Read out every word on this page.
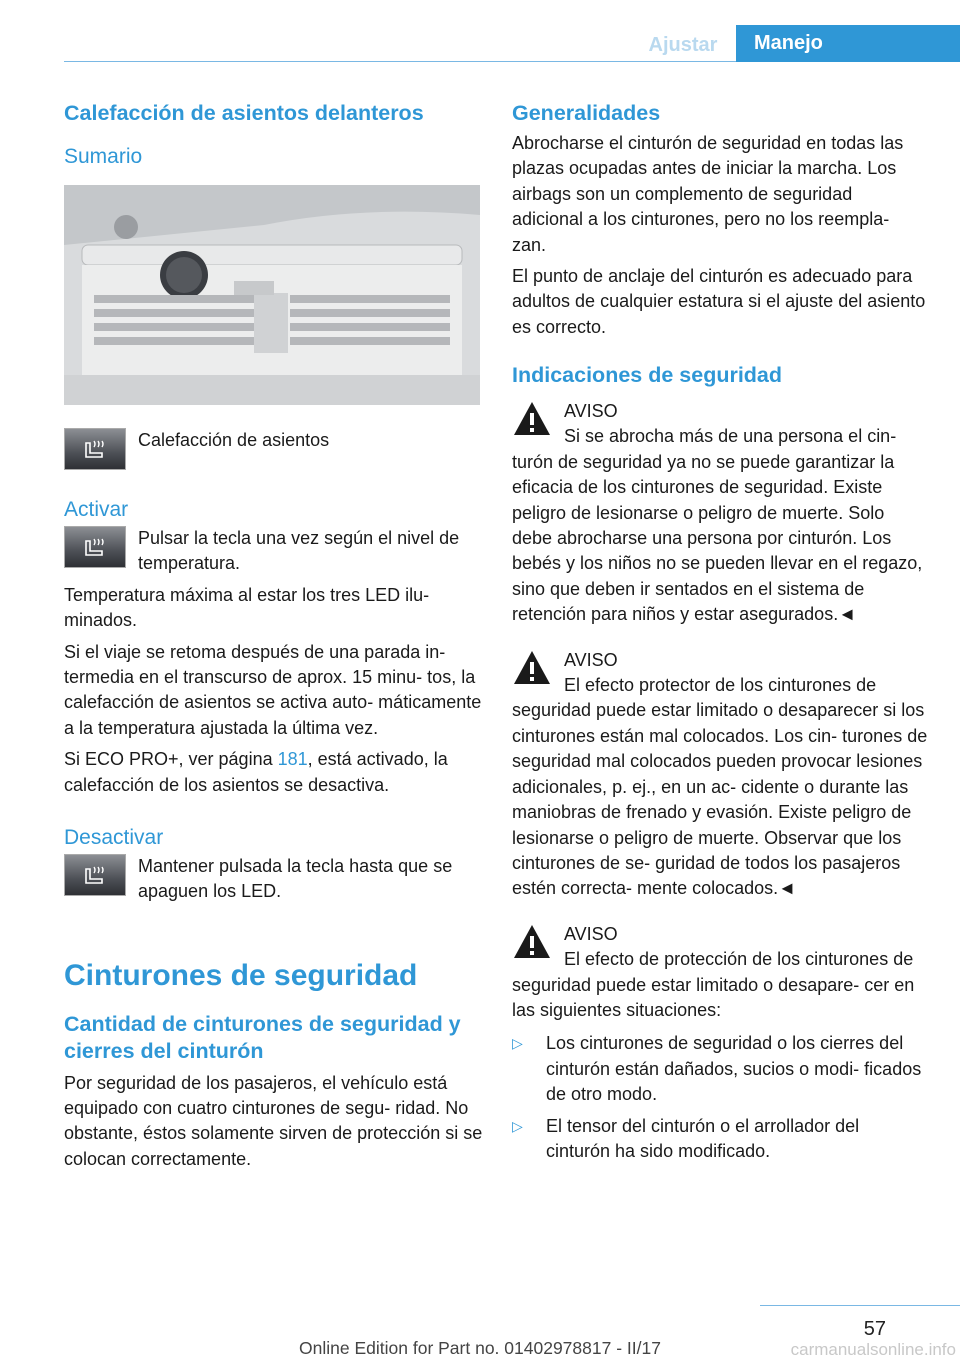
Ajustar	Manejo
Calefacción de asientos delanteros
Sumario

Calefacción de asientos

Activar

Pulsar la tecla una vez según el nivel de temperatura.

Temperatura máxima al estar los tres LED ilu- minados.

Si el viaje se retoma después de una parada in- termedia en el transcurso de aprox. 15 minu- tos, la calefacción de asientos se activa auto- máticamente a la temperatura ajustada la última vez.

Si ECO PRO+, ver página 181, está activado, la calefacción de los asientos se desactiva.

Desactivar

Mantener pulsada la tecla hasta que se apaguen los LED.

Cinturones de seguridad
Cantidad de cinturones de seguridad y cierres del cinturón

Por seguridad de los pasajeros, el vehículo está equipado con cuatro cinturones de segu- ridad. No obstante, éstos solamente sirven de protección si se colocan correctamente.

Generalidades

Abrocharse el cinturón de seguridad en todas las plazas ocupadas antes de iniciar la marcha. Los airbags son un complemento de seguridad adicional a los cinturones, pero no los reempla- zan.

El punto de anclaje del cinturón es adecuado para adultos de cualquier estatura si el ajuste del asiento es correcto.

Indicaciones de seguridad

AVISO

Si se abrocha más de una persona el cin- turón de seguridad ya no se puede garantizar la eficacia de los cinturones de seguridad. Existe peligro de lesionarse o peligro de muerte. Solo debe abrocharse una persona por cinturón. Los bebés y los niños no se pueden llevar en el regazo, sino que deben ir sentados en el sistema de retención para niños y estar asegurados.◄

AVISO

El efecto protector de los cinturones de seguridad puede estar limitado o desaparecer si los cinturones están mal colocados. Los cin- turones de seguridad mal colocados pueden provocar lesiones adicionales, p. ej., en un ac- cidente o durante las maniobras de frenado y evasión. Existe peligro de lesionarse o peligro de muerte. Observar que los cinturones de se- guridad de todos los pasajeros estén correcta- mente colocados.◄

AVISO

El efecto de protección de los cinturones de seguridad puede estar limitado o desapare- cer en las siguientes situaciones:

▷	Los cinturones de seguridad o los cierres del cinturón están dañados, sucios o modi- ficados de otro modo.

▷	El tensor del cinturón o el arrollador del cinturón ha sido modificado.

57
Online Edition for Part no. 01402978817 - II/17	carmanualsonline.info
